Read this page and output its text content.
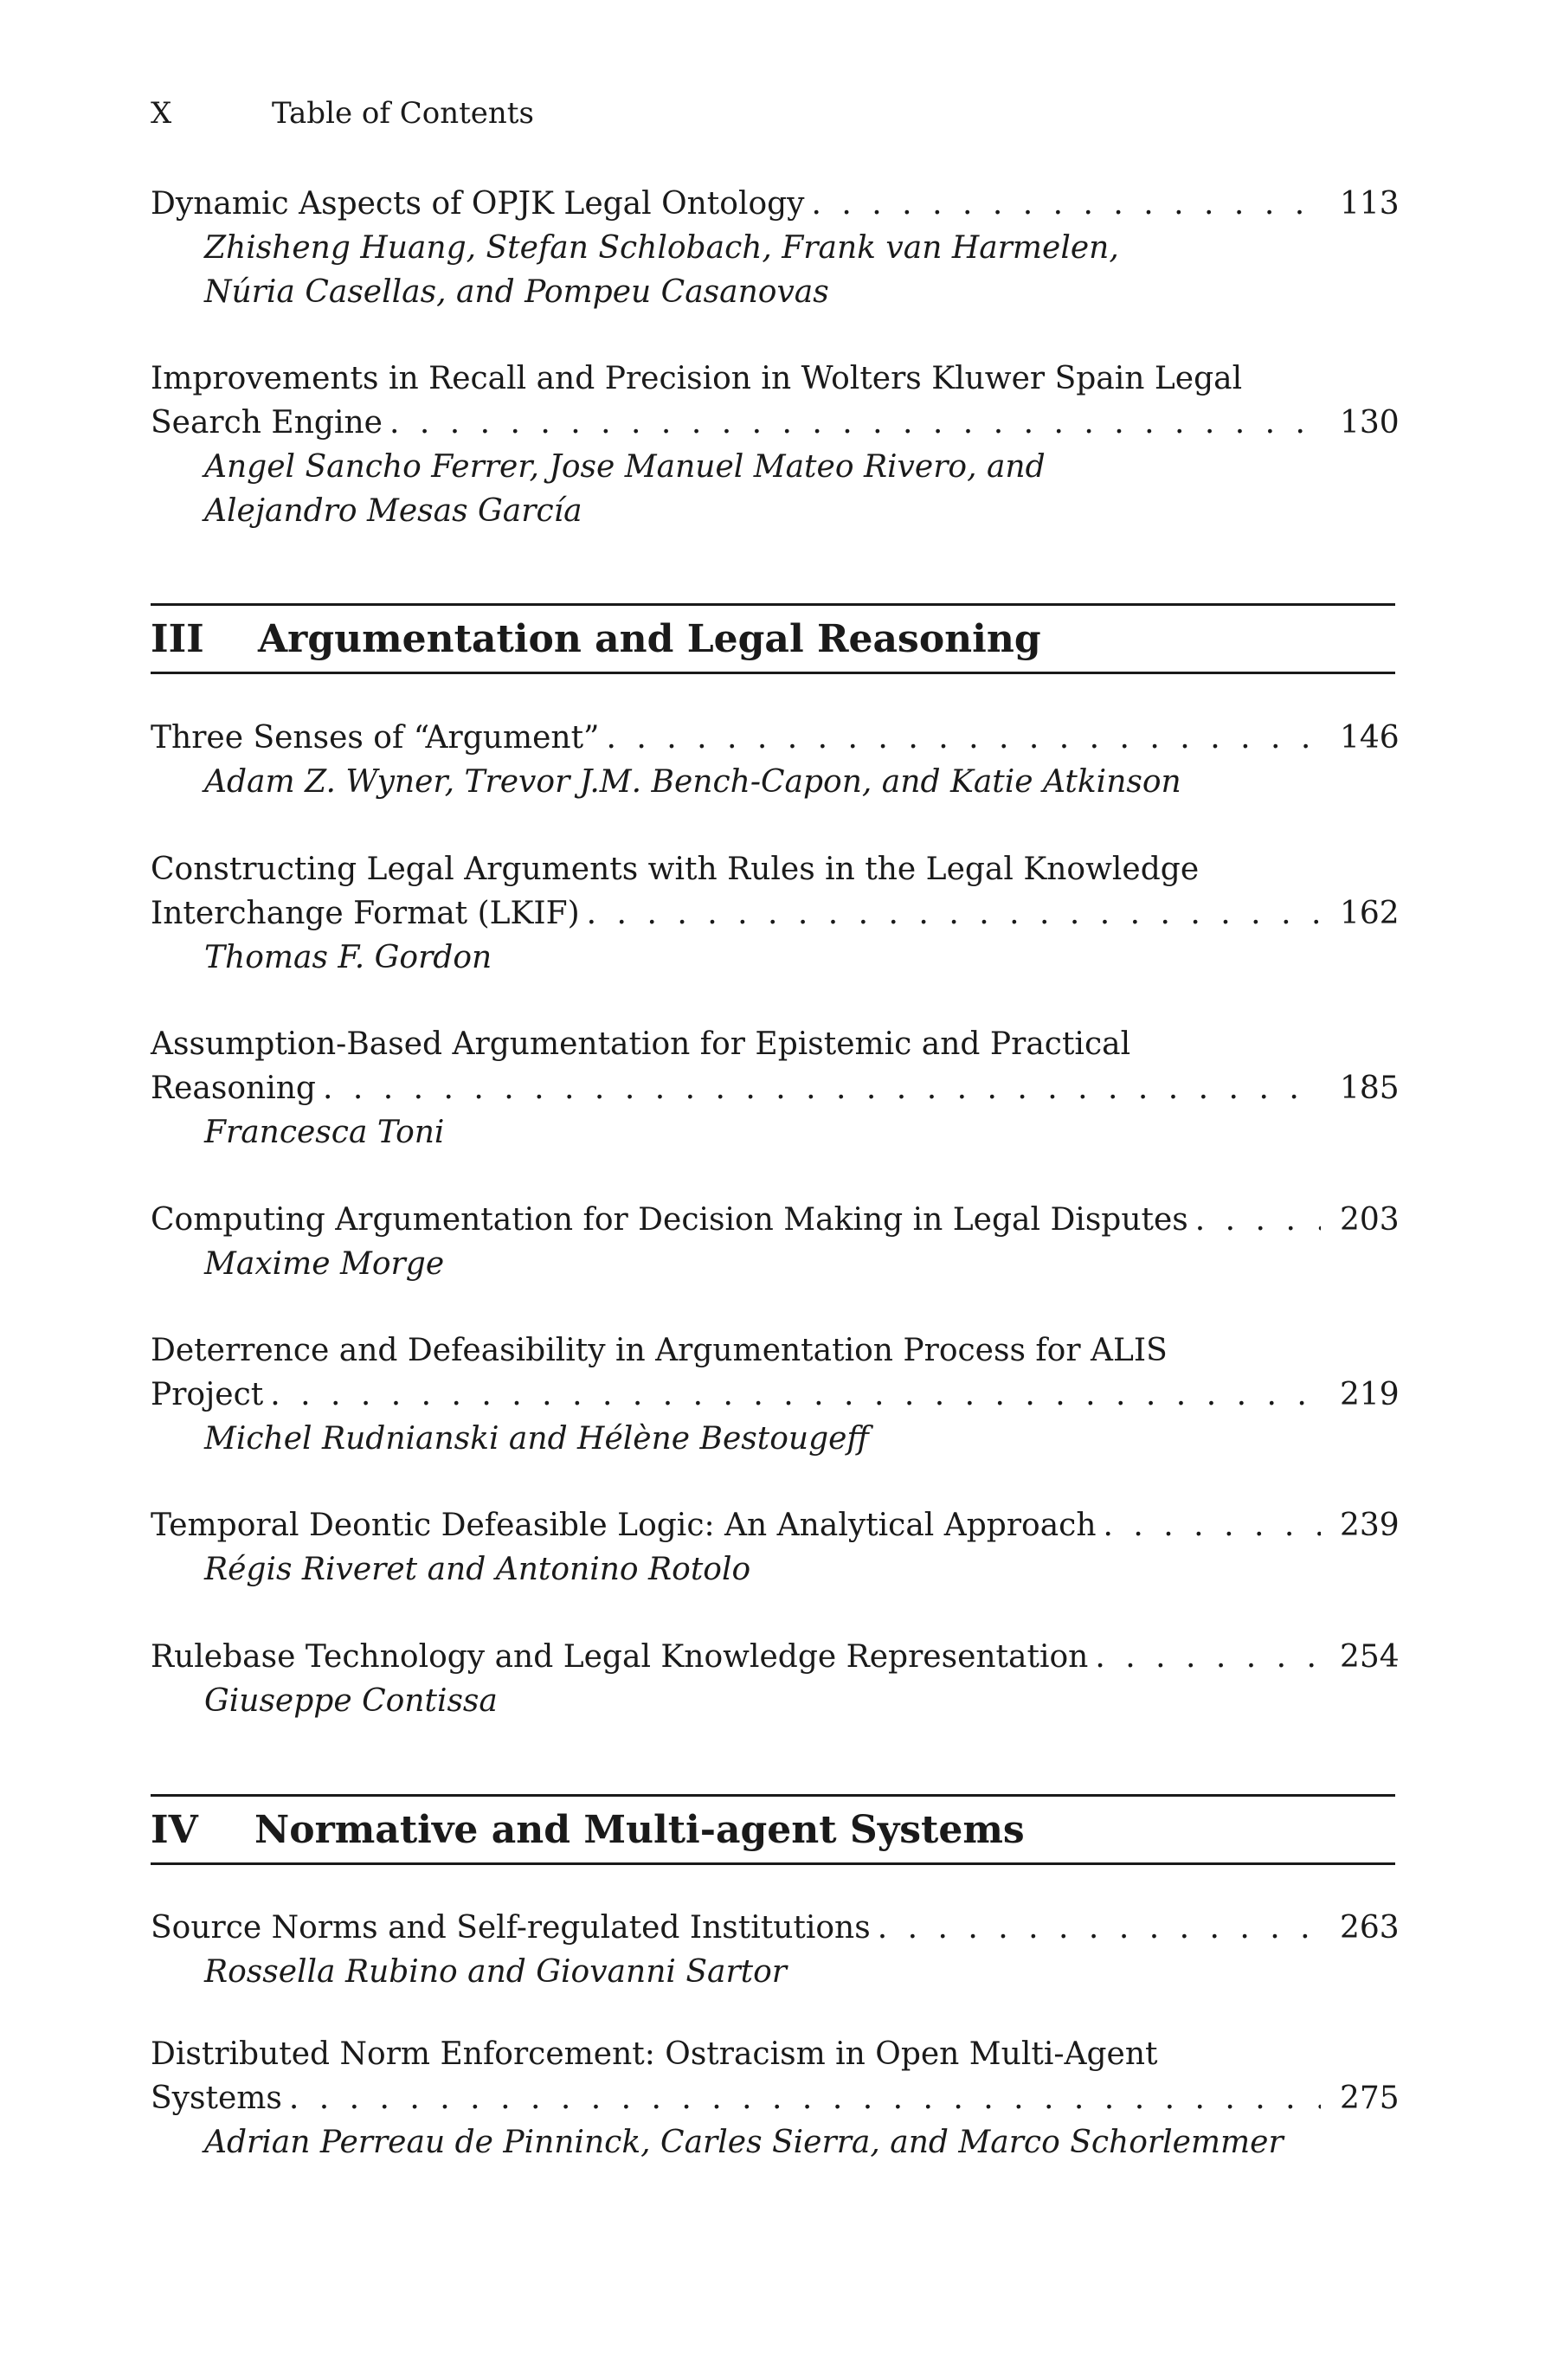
X	Table of Contents
Dynamic Aspects of OPJK Legal Ontology . . .	113
Zhisheng Huang, Stefan Schlobach, Frank van Harmelen,
Núria Casellas, and Pompeu Casanovas
Improvements in Recall and Precision in Wolters Kluwer Spain Legal
Search Engine . . .	130
Angel Sancho Ferrer, Jose Manuel Mateo Rivero, and
Alejandro Mesas García
III	Argumentation and Legal Reasoning
Three Senses of “Argument” . . .	146
Adam Z. Wyner, Trevor J.M. Bench-Capon, and Katie Atkinson
Constructing Legal Arguments with Rules in the Legal Knowledge
Interchange Format (LKIF) . . .	162
Thomas F. Gordon
Assumption-Based Argumentation for Epistemic and Practical
Reasoning . . .	185
Francesca Toni
Computing Argumentation for Decision Making in Legal Disputes . . .	203
Maxime Morge
Deterrence and Defeasibility in Argumentation Process for ALIS
Project . . .	219
Michel Rudnianski and Hélène Bestougeff
Temporal Deontic Defeasible Logic: An Analytical Approach . . .	239
Régis Riveret and Antonino Rotolo
Rulebase Technology and Legal Knowledge Representation . . .	254
Giuseppe Contissa
IV	Normative and Multi-agent Systems
Source Norms and Self-regulated Institutions . . .	263
Rossella Rubino and Giovanni Sartor
Distributed Norm Enforcement: Ostracism in Open Multi-Agent
Systems . . .	275
Adrian Perreau de Pinninck, Carles Sierra, and Marco Schorlemmer
